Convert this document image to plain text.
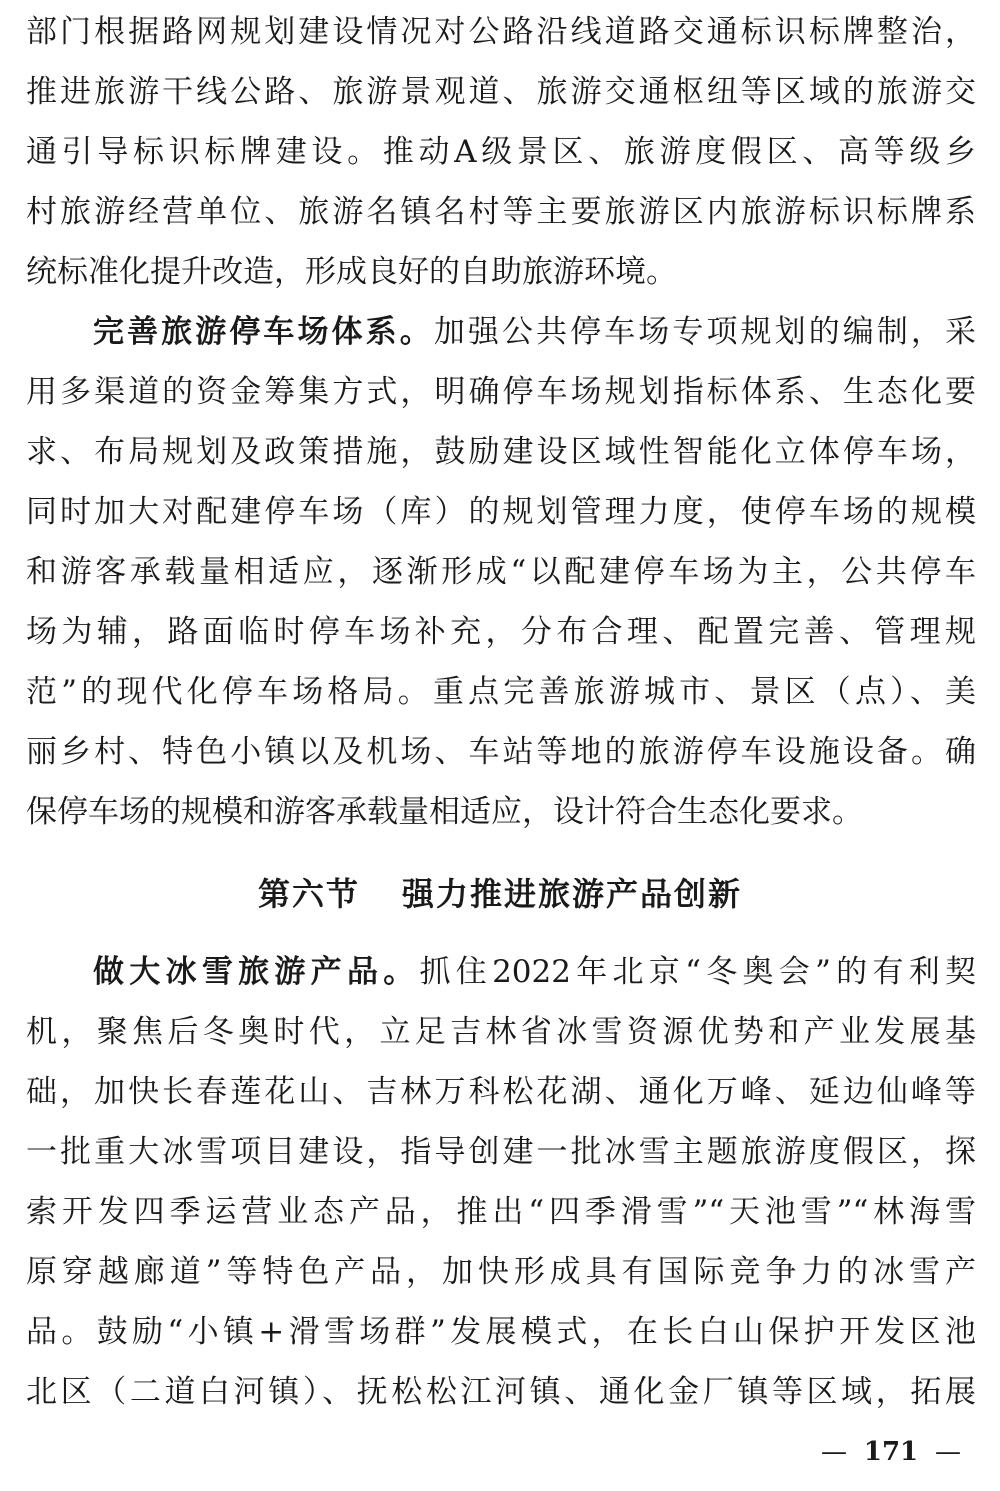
部门根据路网规划建设情况对公路沿线道路交通标识标牌整治，
推进旅游干线公路、旅游景观道、旅游交通枢纽等区域的旅游交
通引导标识标牌建设。推动A级景区、旅游度假区、高等级乡
村旅游经营单位、旅游名镇名村等主要旅游区内旅游标识标牌系
统标准化提升改造，形成良好的自助旅游环境。
完善旅游停车场体系。加强公共停车场专项规划的编制，采
用多渠道的资金筹集方式，明确停车场规划指标体系、生态化要
求、布局规划及政策措施，鼓励建设区域性智能化立体停车场，
同时加大对配建停车场（库）的规划管理力度，使停车场的规模
和游客承载量相适应，逐渐形成“以配建停车场为主，公共停车
场为辅，路面临时停车场补充，分布合理、配置完善、管理规
范”的现代化停车场格局。重点完善旅游城市、景区（点）、美
丽乡村、特色小镇以及机场、车站等地的旅游停车设施设备。确
保停车场的规模和游客承载量相适应，设计符合生态化要求。
第六节 强力推进旅游产品创新
做大冰雪旅游产品。抓住2022年北京“冬奥会”的有利契
机，聚焦后冬奥时代，立足吉林省冰雪资源优势和产业发展基
础，加快长春莲花山、吉林万科松花湖、通化万峰、延边仙峰等
一批重大冰雪项目建设，指导创建一批冰雪主题旅游度假区，探
索开发四季运营业态产品，推出“四季滑雪”“天池雪”“林海雪
原穿越廊道”等特色产品，加快形成具有国际竞争力的冰雪产
品。鼓励“小镇+滑雪场群”发展模式，在长白山保护开发区池
北区（二道白河镇）、抚松松江河镇、通化金厂镇等区域，拓展
— 171 —
